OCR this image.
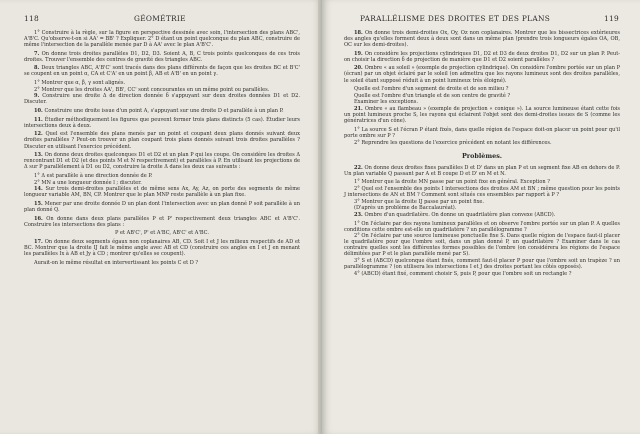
118	GÉOMÉTRIE

1° Construire à la règle, sur la figure en perspective dessinée avec soin, l'intersection des plans ABC', A'B'C. Qu'observe-t-on si AA' = BB' ? Expliquer. 2° D étant un point quelconque du plan ABC, construire de même l'intersection de la parallèle menée par D à AA' avec le plan A'B'C'.

7. On donne trois droites parallèles D1, D2, D3. Soient A, B, C trois points quelconques de ces trois droites. Trouver l'ensemble des centres de gravité des triangles ABC.

8. Deux triangles ABC, A'B'C' sont tracés dans des plans différents de façon que les droites BC et B'C' se coupent en un point α, CA et C'A' en un point β, AB et A'B' en un point γ.

1° Montrer que α, β, γ sont alignés.

2° Montrer que les droites AA', BB', CC' sont concourantes en un même point ou parallèles.

9. Construire une droite Δ de direction donnée δ s'appuyant sur deux droites données D1 et D2. Discuter.

10. Construire une droite issue d'un point A, s'appuyant sur une droite D et parallèle à un plan P.

11. Étudier méthodiquement les figures que peuvent former trois plans distincts (5 cas). Étudier leurs intersections deux à deux.

12. Quel est l'ensemble des plans menés par un point et coupant deux plans donnés suivant deux droites parallèles ? Peut-on trouver un plan coupant trois plans donnés suivant trois droites parallèles ? Discuter en utilisant l'exercice précédent.

13. On donne deux droites quelconques D1 et D2 et un plan P qui les coupe. On considère les droites Δ rencontrant D1 et D2 (et des points M et N respectivement) et parallèles à P. En utilisant les projections de Δ sur P parallèlement à D1 ou D2, construire la droite Δ dans les deux cas suivants :

1° Δ est parallèle à une direction donnée de P.

2° MN a une longueur donnée l ; discuter.

14. Sur trois demi-droites parallèles et de même sens Ax, Ay, Az, on porte des segments de même longueur variable AM, BN, CP. Montrer que le plan MNP reste parallèle à un plan fixe.

15. Mener par une droite donnée D un plan dont l'intersection avec un plan donné P soit parallèle à un plan donné Q.

16. On donne dans deux plans parallèles P et P' respectivement deux triangles ABC et A'B'C'. Construire les intersections des plans :

P et AB'C', P' et A'BC, AB'C' et A'BC.

17. On donne deux segments égaux non coplanaires AB, CD. Soit I et J les milieux respectifs de AD et BC. Montrer que la droite IJ fait le même angle avec AB et CD (construire ces angles en I et J en menant les parallèles Ix à AB et Jy à CD ; montrer qu'elles se coupent).

Aurait-on le même résultat en intervertissant les points C et D ?

PARALLÉLISME DES DROITES ET DES PLANS	119

18. On donne trois demi-droites Ox, Oy, Oz non coplanaires. Montrer que les bissectrices extérieures des angles qu'elles forment deux à deux sont dans un même plan (prendre trois longueurs égales OA, OB, OC sur les demi-droites).

19. On considère les projections cylindriques D1, D2 et D3 de deux droites D1, D2 sur un plan P. Peut-on choisir la direction δ de projection de manière que D1 et D2 soient parallèles ?

20. Ombre « au soleil » (exemple de projection cylindrique). On considère l'ombre portée sur un plan P (écran) par un objet éclairé par le soleil (on admettra que les rayons lumineux sont des droites parallèles, le soleil étant supposé réduit à un point lumineux très éloigné).

Quelle est l'ombre d'un segment de droite et de son milieu ?

Quelle est l'ombre d'un triangle et de son centre de gravité ?

Examiner les exceptions.

21. Ombre « au flambeau » (exemple de projection « conique »). La source lumineuse étant cette fois un point lumineux proche S, les rayons qui éclairent l'objet sont des demi-droites issues de S (comme les génératrices d'un cône).

1° La source S et l'écran P étant fixés, dans quelle région de l'espace doit-on placer un point pour qu'il porte ombre sur P ?

2° Reprendre les questions de l'exercice précédent en notant les différences.

Problèmes.

22. On donne deux droites fixes parallèles D et D' dans un plan P et un segment fixe AB en dehors de P. Un plan variable Q passant par A et B coupe D et D' en M et N.

1° Montrer que la droite MN passe par un point fixe en général. Exception ?

2° Quel est l'ensemble des points I intersections des droites AM et BN ; même question pour les points J intersections de AN et BM ? Comment sont situés ces ensembles par rapport à P ?

3° Montrer que la droite IJ passe par un point fixe.

(D'après un problème de Baccalauréat).

23. Ombre d'un quadrilatère. On donne un quadrilatère plan convexe (ABCD).

1° On l'éclaire par des rayons lumineux parallèles et on observe l'ombre portée sur un plan P. A quelles conditions cette ombre est-elle un quadrilatère ? un parallélogramme ?

2° On l'éclaire par une source lumineuse ponctuelle fixe S. Dans quelle région de l'espace faut-il placer le quadrilatère pour que l'ombre soit, dans un plan donné P, un quadrilatère ? Examiner dans le cas contraire quelles sont les différentes formes possibles de l'ombre (on considérera les régions de l'espace délimitées par P et le plan parallèle mené par S).

3° S et (ABCD) quelconque étant fixés, comment faut-il placer P pour que l'ombre soit un trapèze ? un parallélogramme ? (on utilisera les intersections I et J des droites portant les côtés opposés).

4° (ABCD) étant fixé, comment choisir S, puis P, pour que l'ombre soit un rectangle ?
